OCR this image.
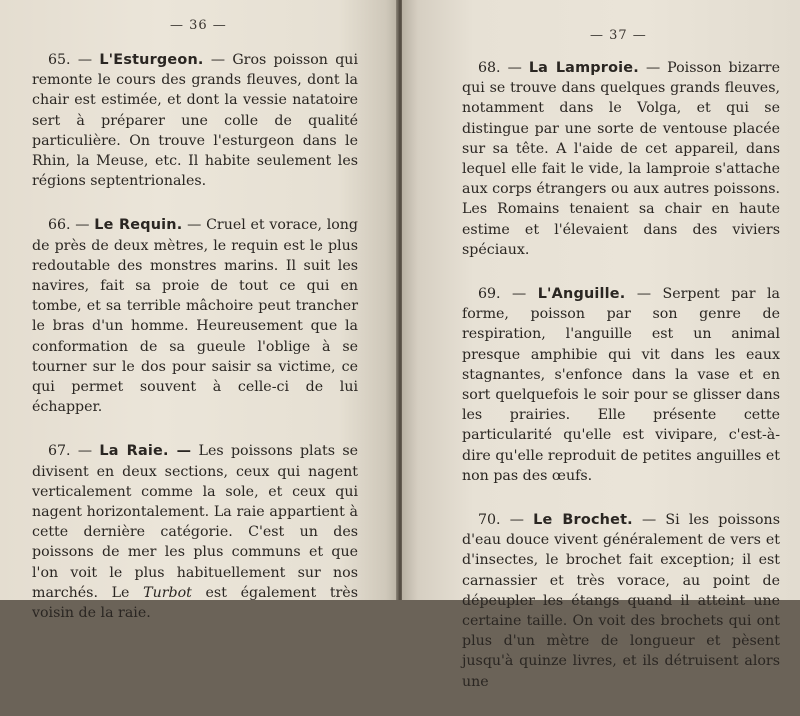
— 36 —

65. — L'Esturgeon. — Gros poisson qui remonte le cours des grands fleuves, dont la chair est estimée, et dont la vessie natatoire sert à préparer une colle de qualité particulière. On trouve l'esturgeon dans le Rhin, la Meuse, etc. Il habite seulement les régions septentrionales.

66. — Le Requin. — Cruel et vorace, long de près de deux mètres, le requin est le plus redoutable des monstres marins. Il suit les navires, fait sa proie de tout ce qui en tombe, et sa terrible mâchoire peut trancher le bras d'un homme. Heureusement que la conformation de sa gueule l'oblige à se tourner sur le dos pour saisir sa victime, ce qui permet souvent à celle-ci de lui échapper.

67. — La Raie. — Les poissons plats se divisent en deux sections, ceux qui nagent verticalement comme la sole, et ceux qui nagent horizontalement. La raie appartient à cette dernière catégorie. C'est un des poissons de mer les plus communs et que l'on voit le plus habituellement sur nos marchés. Le Turbot est également très voisin de la raie.

— 37 —

68. — La Lamproie. — Poisson bizarre qui se trouve dans quelques grands fleuves, notamment dans le Volga, et qui se distingue par une sorte de ventouse placée sur sa tête. A l'aide de cet appareil, dans lequel elle fait le vide, la lamproie s'attache aux corps étrangers ou aux autres poissons. Les Romains tenaient sa chair en haute estime et l'élevaient dans des viviers spéciaux.

69. — L'Anguille. — Serpent par la forme, poisson par son genre de respiration, l'anguille est un animal presque amphibie qui vit dans les eaux stagnantes, s'enfonce dans la vase et en sort quelquefois le soir pour se glisser dans les prairies. Elle présente cette particularité qu'elle est vivipare, c'est-à-dire qu'elle reproduit de petites anguilles et non pas des œufs.

70. — Le Brochet. — Si les poissons d'eau douce vivent généralement de vers et d'insectes, le brochet fait exception; il est carnassier et très vorace, au point de dépeupler les étangs quand il atteint une certaine taille. On voit des brochets qui ont plus d'un mètre de longueur et pèsent jusqu'à quinze livres, et ils détruisent alors une
